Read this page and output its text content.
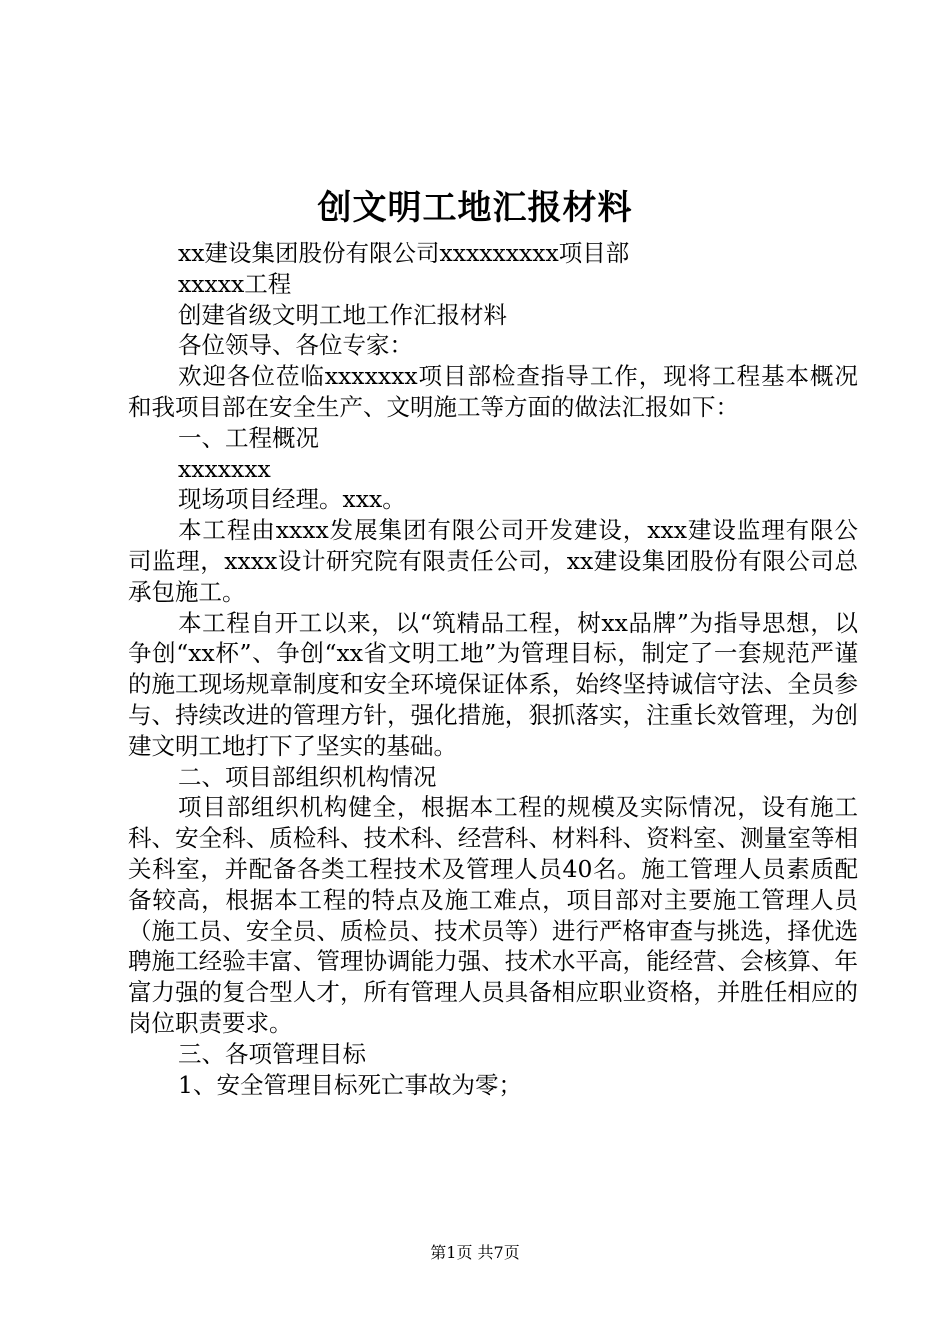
创文明工地汇报材料

xx建设集团股份有限公司xxxxxxxxx项目部

xxxxx工程

创建省级文明工地工作汇报材料

各位领导、各位专家：

欢迎各位莅临xxxxxxx项目部检查指导工作，现将工程基本概况和我项目部在安全生产、文明施工等方面的做法汇报如下：

一、工程概况

xxxxxxx

现场项目经理。xxx。

本工程由xxxx发展集团有限公司开发建设，xxx建设监理有限公司监理，xxxx设计研究院有限责任公司，xx建设集团股份有限公司总承包施工。

本工程自开工以来，以“筑精品工程，树xx品牌”为指导思想，以争创“xx杯”、争创“xx省文明工地”为管理目标，制定了一套规范严谨的施工现场规章制度和安全环境保证体系，始终坚持诚信守法、全员参与、持续改进的管理方针，强化措施，狠抓落实，注重长效管理，为创建文明工地打下了坚实的基础。

二、项目部组织机构情况

项目部组织机构健全，根据本工程的规模及实际情况，设有施工科、安全科、质检科、技术科、经营科、材料科、资料室、测量室等相关科室，并配备各类工程技术及管理人员40名。施工管理人员素质配备较高，根据本工程的特点及施工难点，项目部对主要施工管理人员（施工员、安全员、质检员、技术员等）进行严格审查与挑选，择优选聘施工经验丰富、管理协调能力强、技术水平高，能经营、会核算、年富力强的复合型人才，所有管理人员具备相应职业资格，并胜任相应的岗位职责要求。

三、各项管理目标

1、安全管理目标死亡事故为零；

第1页 共7页
